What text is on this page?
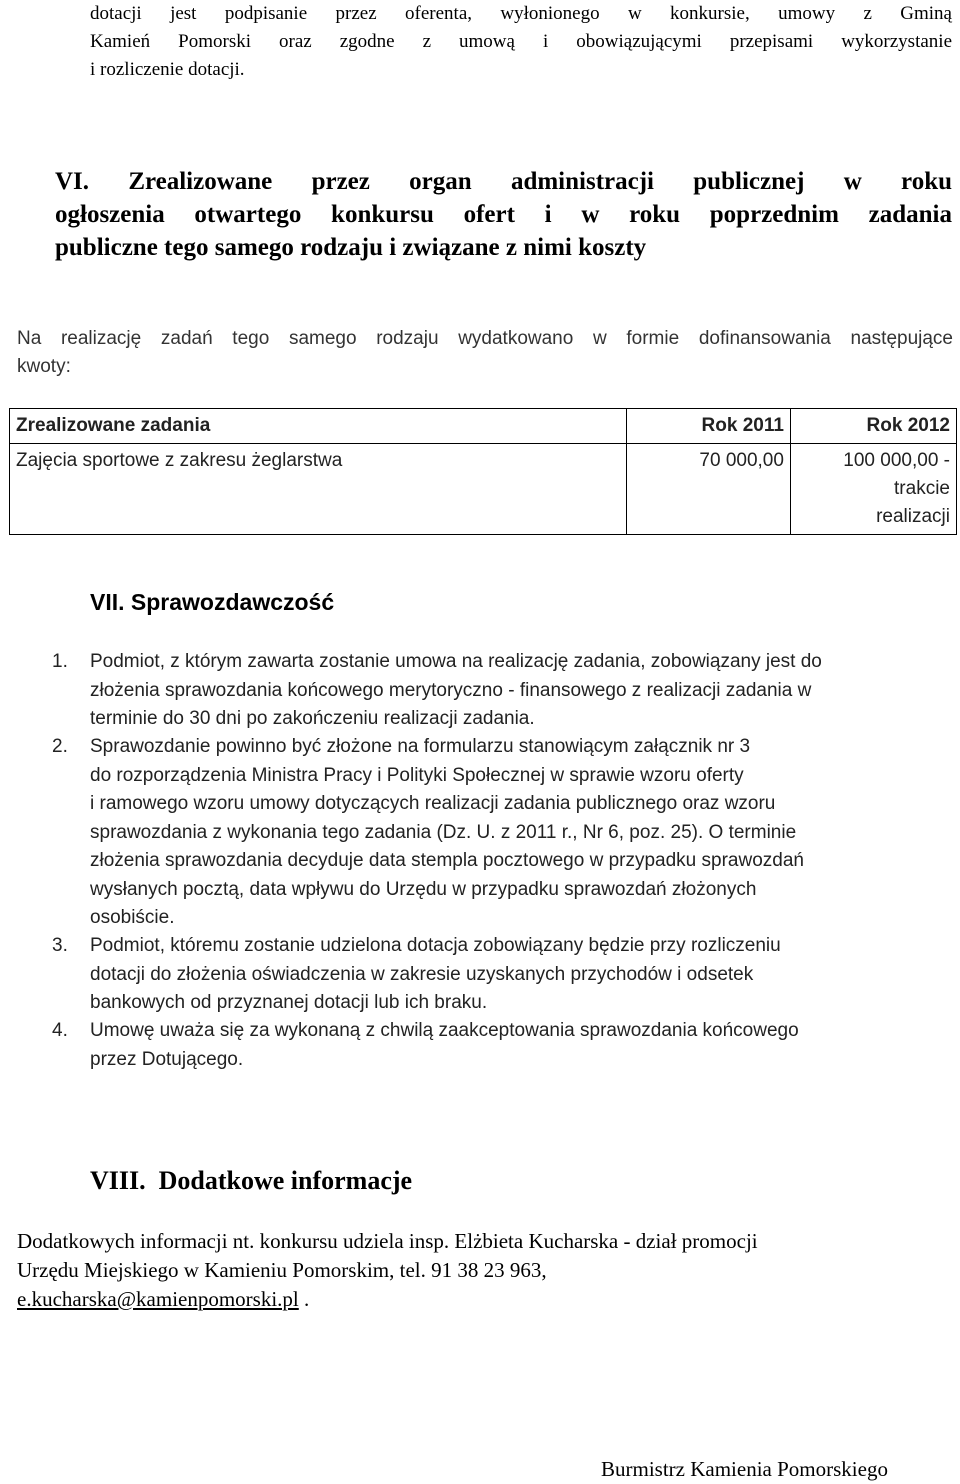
dotacji jest podpisanie przez oferenta, wyłonionego w konkursie, umowy z Gminą
Kamień Pomorski oraz zgodne z umową i obowiązującymi przepisami wykorzystanie
i rozliczenie dotacji.
VI. Zrealizowane przez organ administracji publicznej w roku
ogłoszenia otwartego konkursu ofert i w roku poprzednim zadania
publiczne tego samego rodzaju i związane z nimi koszty
Na realizację zadań tego samego rodzaju wydatkowano w formie dofinansowania następujące
kwoty:
Zrealizowane zadania	Rok 2011	Rok 2012
Zajęcia sportowe z zakresu żeglarstwa	70 000,00	100 000,00 -
trakcie
realizacji
VII. Sprawozdawczość
1. Podmiot, z którym zawarta zostanie umowa na realizację zadania, zobowiązany jest do
złożenia sprawozdania końcowego merytoryczno - finansowego z realizacji zadania w
terminie do 30 dni po zakończeniu realizacji zadania.
2. Sprawozdanie powinno być złożone na formularzu stanowiącym załącznik nr 3
do rozporządzenia Ministra Pracy i Polityki Społecznej w sprawie wzoru oferty
i ramowego wzoru umowy dotyczących realizacji zadania publicznego oraz wzoru
sprawozdania z wykonania tego zadania (Dz. U. z 2011 r., Nr 6, poz. 25). O terminie
złożenia sprawozdania decyduje data stempla pocztowego w przypadku sprawozdań
wysłanych pocztą, data wpływu do Urzędu w przypadku sprawozdań złożonych
osobiście.
3. Podmiot, któremu zostanie udzielona dotacja zobowiązany będzie przy rozliczeniu
dotacji do złożenia oświadczenia w zakresie uzyskanych przychodów i odsetek
bankowych od przyznanej dotacji lub ich braku.
4. Umowę uważa się za wykonaną z chwilą zaakceptowania sprawozdania końcowego
przez Dotującego.
VIII.  Dodatkowe informacje
Dodatkowych informacji nt. konkursu udziela insp. Elżbieta Kucharska - dział promocji
Urzędu Miejskiego w Kamieniu Pomorskim, tel. 91 38 23 963,
e.kucharska@kamienpomorski.pl .
Burmistrz Kamienia Pomorskiego
